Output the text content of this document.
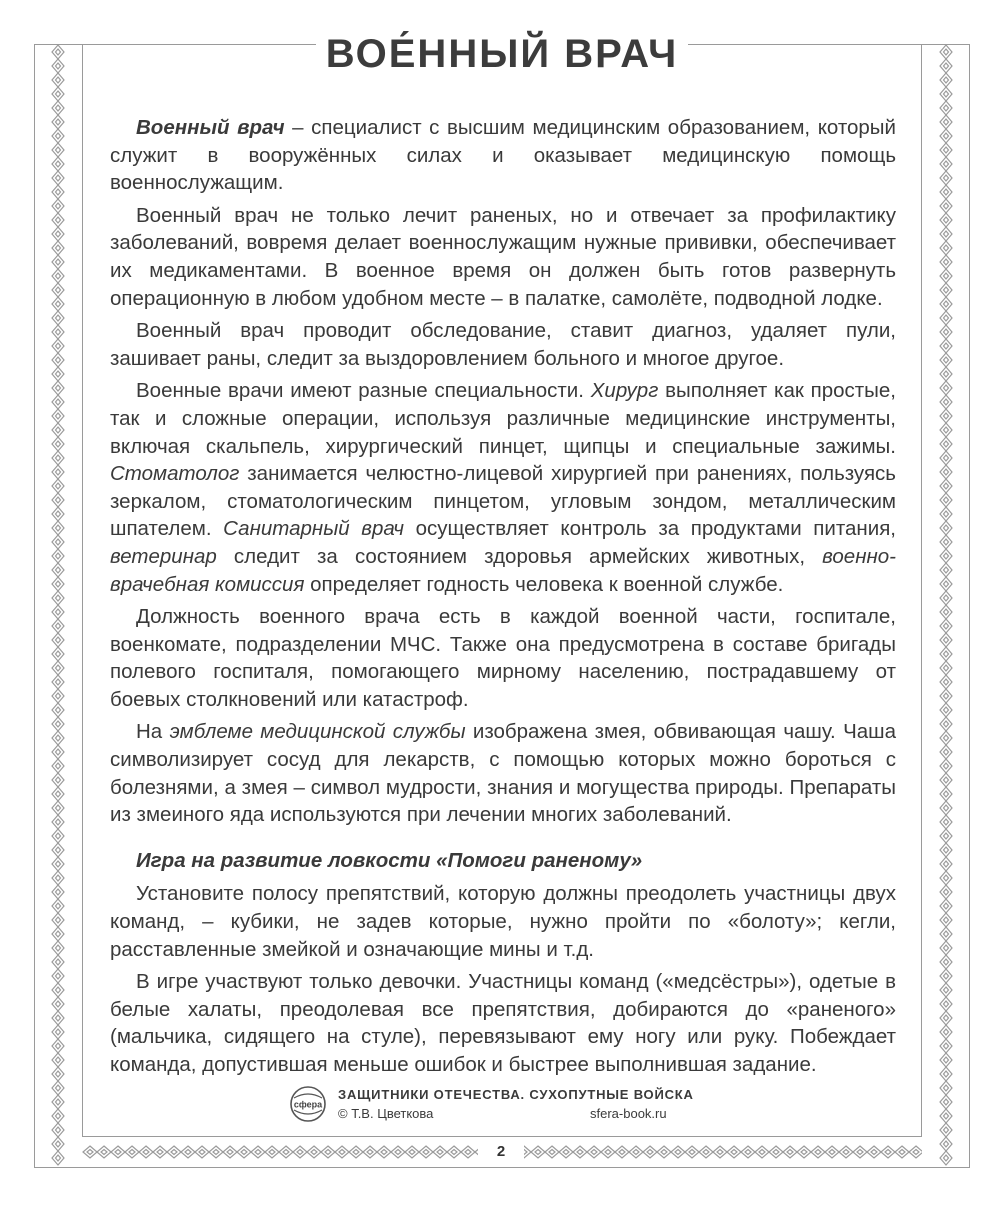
2
ВОЕ́ННЫЙ ВРАЧ

Военный врач – специалист с высшим медицинским образованием, который служит в вооружённых силах и оказывает медицинскую помощь военнослужащим.

Военный врач не только лечит раненых, но и отвечает за профилактику заболеваний, вовремя делает военнослужащим нужные прививки, обеспечивает их медикаментами. В военное время он должен быть готов развернуть операционную в любом удобном месте – в палатке, самолёте, подводной лодке.

Военный врач проводит обследование, ставит диагноз, удаляет пули, зашивает раны, следит за выздоровлением больного и многое другое.

Военные врачи имеют разные специальности. Хирург выполняет как простые, так и сложные операции, используя различные медицинские инструменты, включая скальпель, хирургический пинцет, щипцы и специальные зажимы. Стоматолог занимается челюстно-лицевой хирургией при ранениях, пользуясь зеркалом, стоматологическим пинцетом, угловым зондом, металлическим шпателем. Санитарный врач осуществляет контроль за продуктами питания, ветеринар следит за состоянием здоровья армейских животных, военно-врачебная комиссия определяет годность человека к военной службе.

Должность военного врача есть в каждой военной части, госпитале, военкомате, подразделении МЧС. Также она предусмотрена в составе бригады полевого госпиталя, помогающего мирному населению, пострадавшему от боевых столкновений или катастроф.

На эмблеме медицинской службы изображена змея, обвивающая чашу. Чаша символизирует сосуд для лекарств, с помощью которых можно бороться с болезнями, а змея – символ мудрости, знания и могущества природы. Препараты из змеиного яда используются при лечении многих заболеваний.

Игра на развитие ловкости «Помоги раненому»

Установите полосу препятствий, которую должны преодолеть участницы двух команд, – кубики, не задев которые, нужно пройти по «болоту»; кегли, расставленные змейкой и означающие мины и т.д.

В игре участвуют только девочки. Участницы команд («медсёстры»), одетые в белые халаты, преодолевая все препятствия, добираются до «раненого» (мальчика, сидящего на стуле), перевязывают ему ногу или руку. Побеждает команда, допустившая меньше ошибок и быстрее выполнившая задание.

сфера
ЗАЩИТНИКИ ОТЕЧЕСТВА. СУХОПУТНЫЕ ВОЙСКА
© Т.В. Цветкова	sfera-book.ru
